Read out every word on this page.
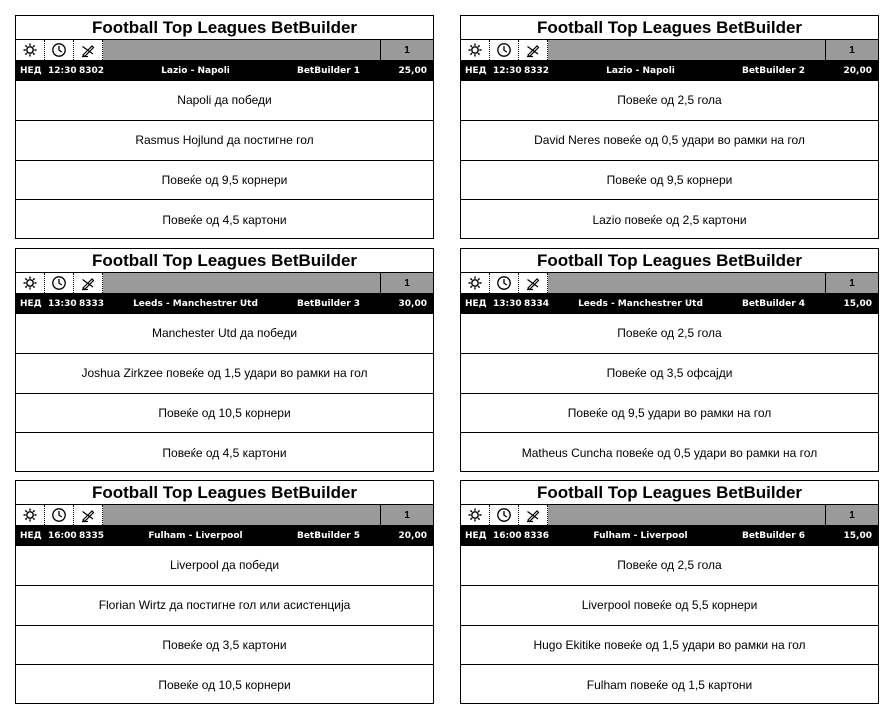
Football Top Leagues BetBuilder
1
НЕД 12:30 8302	Lazio - Napoli	BetBuilder 1	25,00
Napoli да победи
Rasmus Hojlund да постигне гол
Повеќе од 9,5 корнери
Повеќе од 4,5 картони
Football Top Leagues BetBuilder
1
НЕД 12:30 8332	Lazio - Napoli	BetBuilder 2	20,00
Повеќе од 2,5 гола
David Neres повеќе од 0,5 удари во рамки на гол
Повеќе од 9,5 корнери
Lazio повеќе од 2,5 картони
Football Top Leagues BetBuilder
1
НЕД 13:30 8333	Leeds - Manchestrer Utd	BetBuilder 3	30,00
Manchester Utd да победи
Joshua Zirkzee повеќе од 1,5 удари во рамки на гол
Повеќе од 10,5 корнери
Повеќе од 4,5 картони
Football Top Leagues BetBuilder
1
НЕД 13:30 8334	Leeds - Manchestrer Utd	BetBuilder 4	15,00
Повеќе од 2,5 гола
Повеќе од 3,5 офсајди
Повеќе од 9,5 удари во рамки на гол
Matheus Cuncha повеќе од 0,5 удари во рамки на гол
Football Top Leagues BetBuilder
1
НЕД 16:00 8335	Fulham - Liverpool	BetBuilder 5	20,00
Liverpool да победи
Florian Wirtz да постигне гол или асистенција
Повеќе од 3,5 картони
Повеќе од 10,5 корнери
Football Top Leagues BetBuilder
1
НЕД 16:00 8336	Fulham - Liverpool	BetBuilder 6	15,00
Повеќе од 2,5 гола
Liverpool повеќе од 5,5 корнери
Hugo Ekitike повеќе од 1,5 удари во рамки на гол
Fulham повеќе од 1,5 картони
